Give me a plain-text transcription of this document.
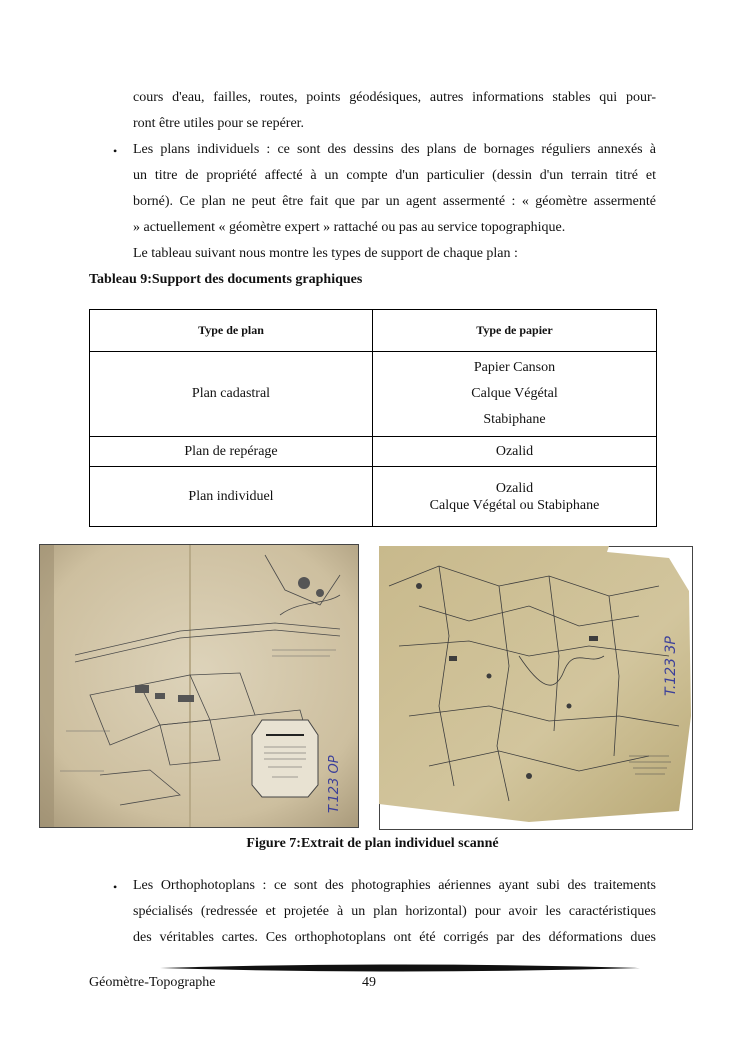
cours d'eau, failles, routes, points géodésiques, autres informations stables qui pour-
ront être utiles pour se repérer.
• Les plans individuels : ce sont des dessins des plans de bornages réguliers annexés à
un titre de propriété affecté à un compte d'un particulier (dessin d'un terrain titré et
borné). Ce plan ne peut être fait que par un agent assermenté : « géomètre assermenté
» actuellement « géomètre expert » rattaché ou pas au service topographique.
Le tableau suivant nous montre les types de support de chaque plan :
Tableau 9:Support des documents graphiques
Type de plan	Type de papier
Plan cadastral	Papier Canson
Calque Végétal
Stabiphane

Plan de repérage	Ozalid
Plan individuel	Ozalid
Calque Végétal ou Stabiphane
T.123 OP
T.123 3P
Figure 7:Extrait de plan individuel scanné
• Les Orthophotoplans : ce sont des photographies aériennes ayant subi des traitements
spécialisés (redressée et projetée à un plan horizontal) pour avoir les caractéristiques
des véritables cartes. Ces orthophotoplans ont été corrigés par des déformations dues
Géomètre-Topographe	49
